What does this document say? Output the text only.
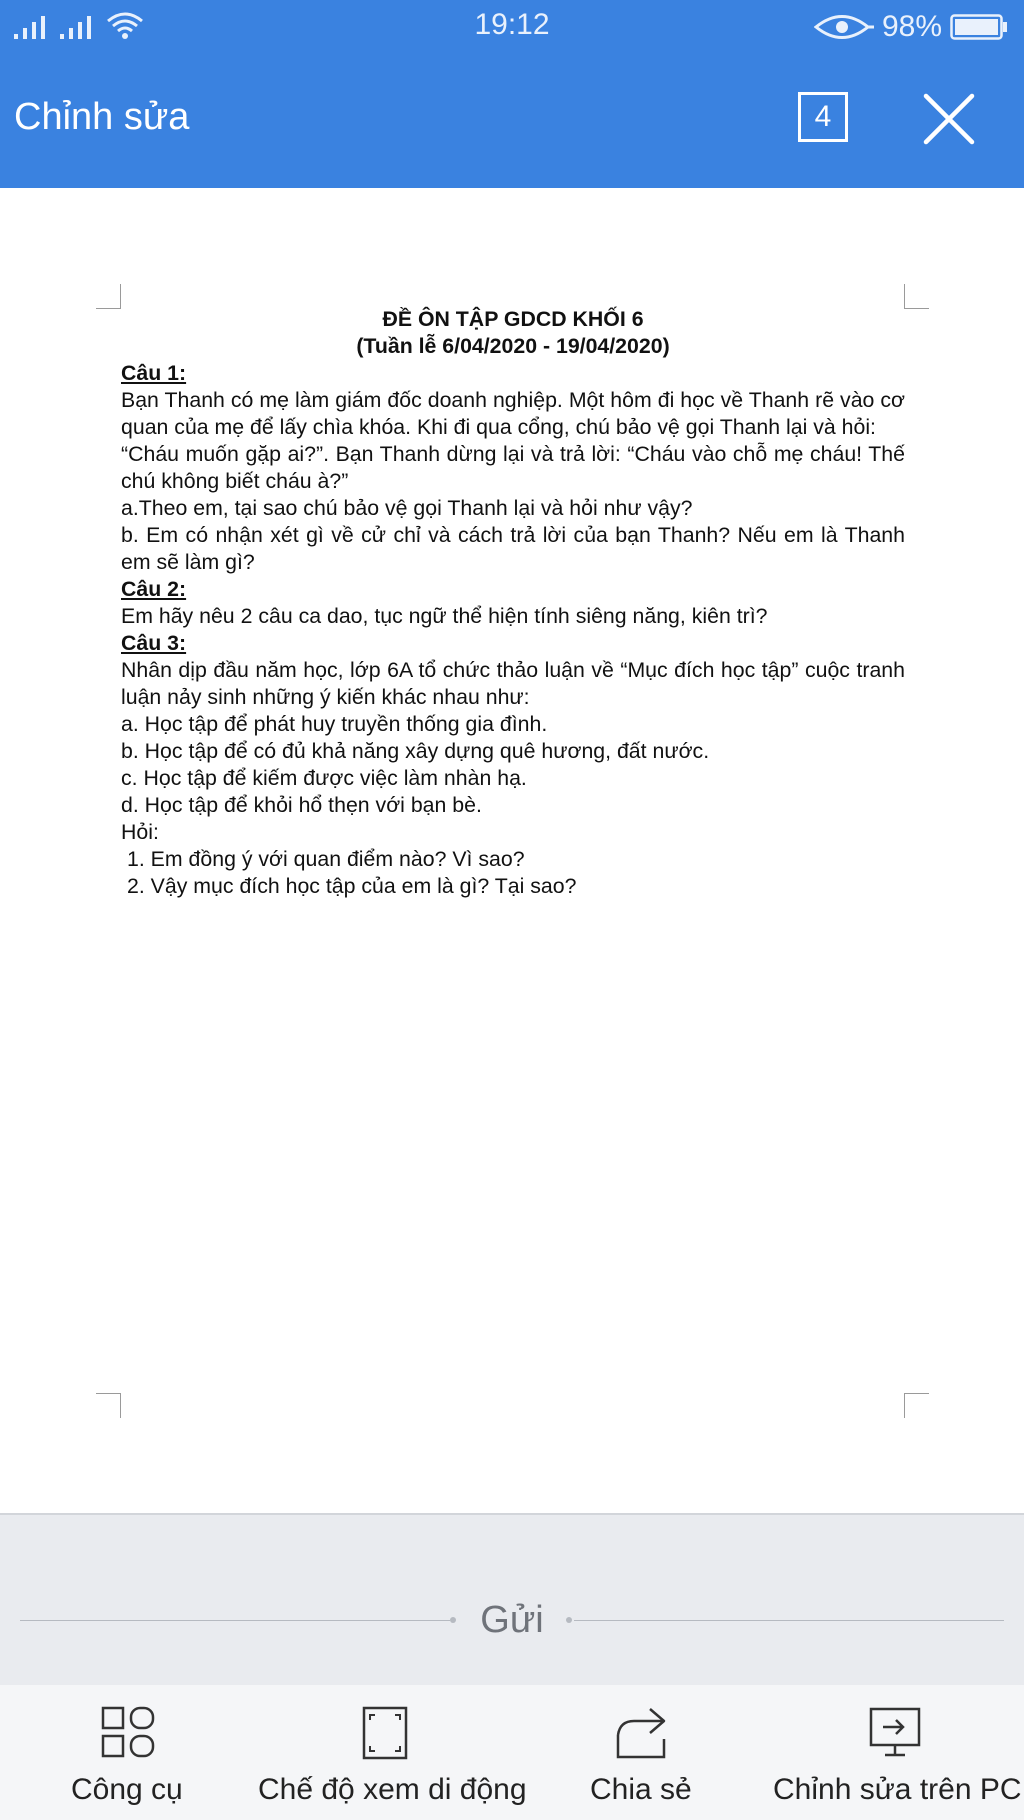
19:12	98%
Chỉnh sửa	4
ĐỀ ÔN TẬP GDCD KHỐI 6
(Tuần lễ 6/04/2020 - 19/04/2020)
Câu 1:
Bạn Thanh có mẹ làm giám đốc doanh nghiệp. Một hôm đi học về Thanh rẽ vào cơ quan của mẹ để lấy chìa khóa. Khi đi qua cổng, chú bảo vệ gọi Thanh lại và hỏi:
“Cháu muốn gặp ai?”. Bạn Thanh dừng lại và trả lời: “Cháu vào chỗ mẹ cháu! Thế chú không biết cháu à?”
a.Theo em, tại sao chú bảo vệ gọi Thanh lại và hỏi như vậy?
b. Em có nhận xét gì về cử chỉ và cách trả lời của bạn Thanh? Nếu em là Thanh em sẽ làm gì?
Câu 2:
Em hãy nêu 2 câu ca dao, tục ngữ thể hiện tính siêng năng, kiên trì?
Câu 3:
Nhân dịp đầu năm học, lớp 6A tổ chức thảo luận về “Mục đích học tập” cuộc tranh luận nảy sinh những ý kiến khác nhau như:
a. Học tập để phát huy truyền thống gia đình.
b. Học tập để có đủ khả năng xây dựng quê hương, đất nước.
c. Học tập để kiếm được việc làm nhàn hạ.
d. Học tập để khỏi hổ thẹn với bạn bè.
Hỏi:
1. Em đồng ý với quan điểm nào? Vì sao?
2. Vậy mục đích học tập của em là gì? Tại sao?
Gửi
Công cụ	Chế độ xem di động Chia sẻ	Chỉnh sửa trên PC
